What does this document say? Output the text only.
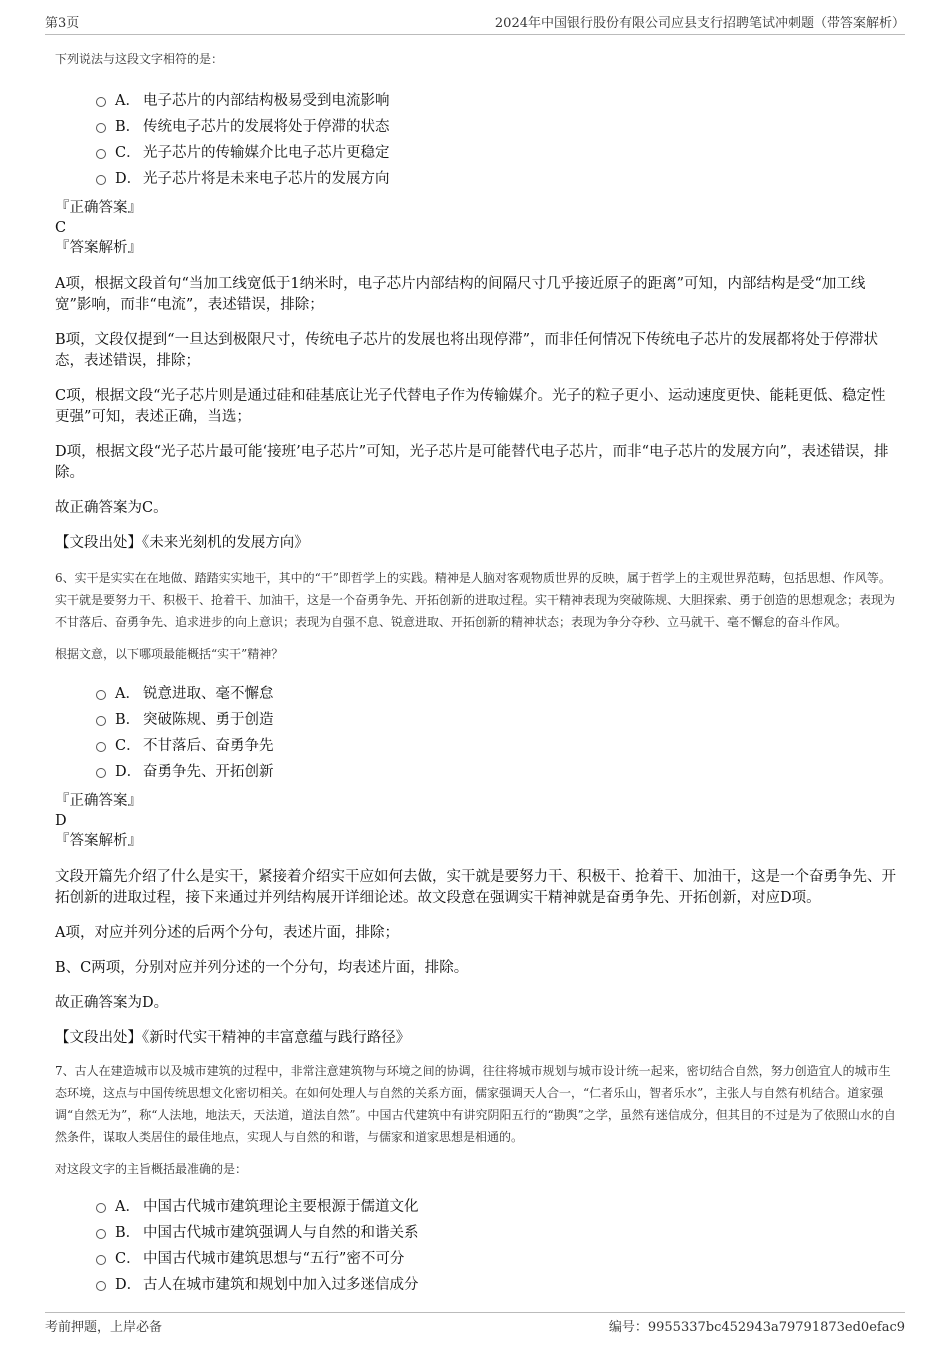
第3页	2024年中国银行股份有限公司应县支行招聘笔试冲刺题（带答案解析）
下列说法与这段文字相符的是：
A． 电子芯片的内部结构极易受到电流影响
B． 传统电子芯片的发展将处于停滞的状态
C． 光子芯片的传输媒介比电子芯片更稳定
D． 光子芯片将是未来电子芯片的发展方向
『正确答案』
C
『答案解析』

A项，根据文段首句“当加工线宽低于1纳米时，电子芯片内部结构的间隔尺寸几乎接近原子的距离”可知，内部结构是受“加工线宽”影响，而非“电流”，表述错误，排除；

B项，文段仅提到“一旦达到极限尺寸，传统电子芯片的发展也将出现停滞”，而非任何情况下传统电子芯片的发展都将处于停滞状态，表述错误，排除；

C项，根据文段“光子芯片则是通过硅和硅基底让光子代替电子作为传输媒介。光子的粒子更小、运动速度更快、能耗更低、稳定性更强”可知，表述正确，当选；

D项，根据文段“光子芯片最可能‘接班’电子芯片”可知，光子芯片是可能替代电子芯片，而非“电子芯片的发展方向”，表述错误，排除。

故正确答案为C。

【文段出处】《未来光刻机的发展方向》
6、实干是实实在在地做、踏踏实实地干，其中的“干”即哲学上的实践。精神是人脑对客观物质世界的反映，属于哲学上的主观世界范畴，包括思想、作风等。实干就是要努力干、积极干、抢着干、加油干，这是一个奋勇争先、开拓创新的进取过程。实干精神表现为突破陈规、大胆探索、勇于创造的思想观念；表现为不甘落后、奋勇争先、追求进步的向上意识；表现为自强不息、锐意进取、开拓创新的精神状态；表现为争分夺秒、立马就干、毫不懈怠的奋斗作风。
根据文意，以下哪项最能概括“实干”精神？
A． 锐意进取、毫不懈怠
B． 突破陈规、勇于创造
C． 不甘落后、奋勇争先
D． 奋勇争先、开拓创新
『正确答案』
D
『答案解析』

文段开篇先介绍了什么是实干，紧接着介绍实干应如何去做，实干就是要努力干、积极干、抢着干、加油干，这是一个奋勇争先、开拓创新的进取过程，接下来通过并列结构展开详细论述。故文段意在强调实干精神就是奋勇争先、开拓创新，对应D项。

A项，对应并列分述的后两个分句，表述片面，排除；

B、C两项，分别对应并列分述的一个分句，均表述片面，排除。

故正确答案为D。

【文段出处】《新时代实干精神的丰富意蕴与践行路径》
7、古人在建造城市以及城市建筑的过程中，非常注意建筑物与环境之间的协调，往往将城市规划与城市设计统一起来，密切结合自然，努力创造宜人的城市生态环境，这点与中国传统思想文化密切相关。在如何处理人与自然的关系方面，儒家强调天人合一，“仁者乐山，智者乐水”，主张人与自然有机结合。道家强调“自然无为”，称“人法地，地法天，天法道，道法自然”。中国古代建筑中有讲究阴阳五行的“勘舆”之学，虽然有迷信成分，但其目的不过是为了依照山水的自然条件，谋取人类居住的最佳地点，实现人与自然的和谐，与儒家和道家思想是相通的。
对这段文字的主旨概括最准确的是：
A． 中国古代城市建筑理论主要根源于儒道文化
B． 中国古代城市建筑强调人与自然的和谐关系
C． 中国古代城市建筑思想与“五行”密不可分
D． 古人在城市建筑和规划中加入过多迷信成分
考前押题，上岸必备	编号：9955337bc452943a79791873ed0efac9
